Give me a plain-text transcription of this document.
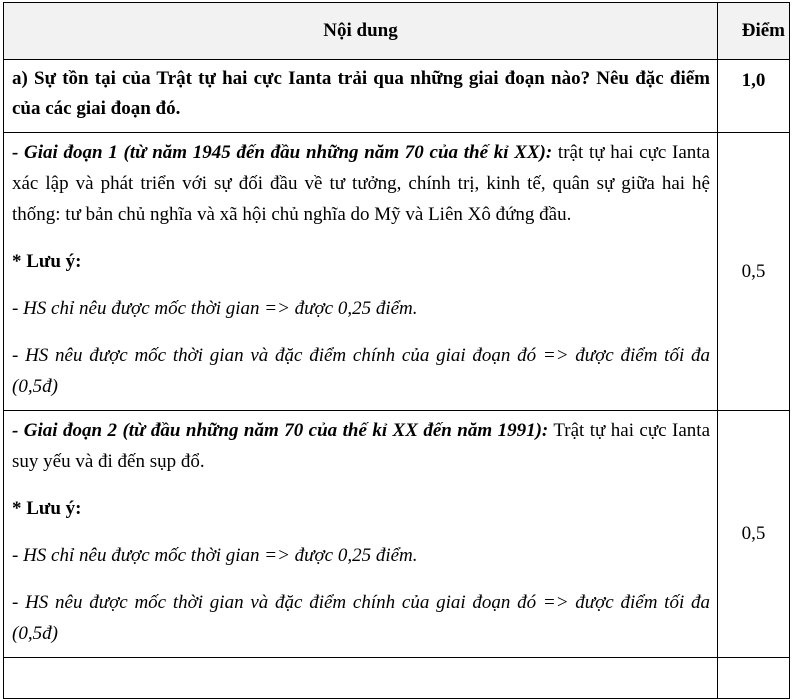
Nội dung	Điểm

a) Sự tồn tại của Trật tự hai cực Ianta trải qua những giai đoạn nào? Nêu đặc điểm của các giai đoạn đó.	1,0

- Giai đoạn 1 (từ năm 1945 đến đầu những năm 70 của thế kỉ XX): trật tự hai cực Ianta xác lập và phát triển với sự đối đầu về tư tưởng, chính trị, kinh tế, quân sự giữa hai hệ thống: tư bản chủ nghĩa và xã hội chủ nghĩa do Mỹ và Liên Xô đứng đầu.

* Lưu ý:

- HS chỉ nêu được mốc thời gian => được 0,25 điểm.

- HS nêu được mốc thời gian và đặc điểm chính của giai đoạn đó => được điểm tối đa (0,5đ)	0,5

- Giai đoạn 2 (từ đầu những năm 70 của thế kỉ XX đến năm 1991): Trật tự hai cực Ianta suy yếu và đi đến sụp đổ.

* Lưu ý:

- HS chỉ nêu được mốc thời gian => được 0,25 điểm.

- HS nêu được mốc thời gian và đặc điểm chính của giai đoạn đó => được điểm tối đa (0,5đ)	0,5
